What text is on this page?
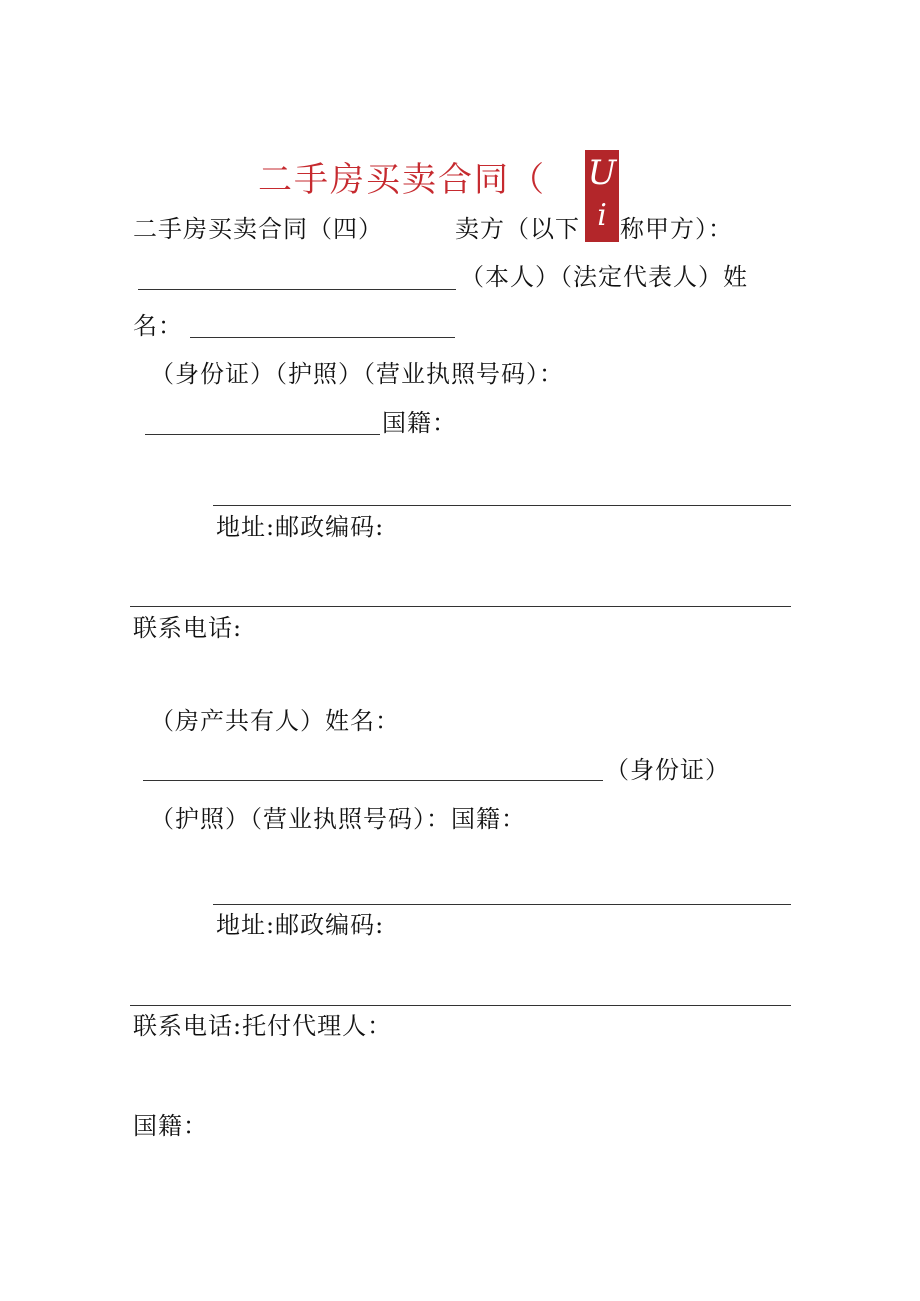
二手房买卖合同（ U
i
二手房买卖合同（四）	卖方（以下 称甲方）：
（本人）（法定代表人）姓
名：
（身份证）（护照）（营业执照号码）：
国籍：
地址:邮政编码:
联系电话:
（房产共有人）姓名：
（身份证）
（护照）（营业执照号码）：国籍：
地址:邮政编码:
联系电话:托付代理人：
国籍：
